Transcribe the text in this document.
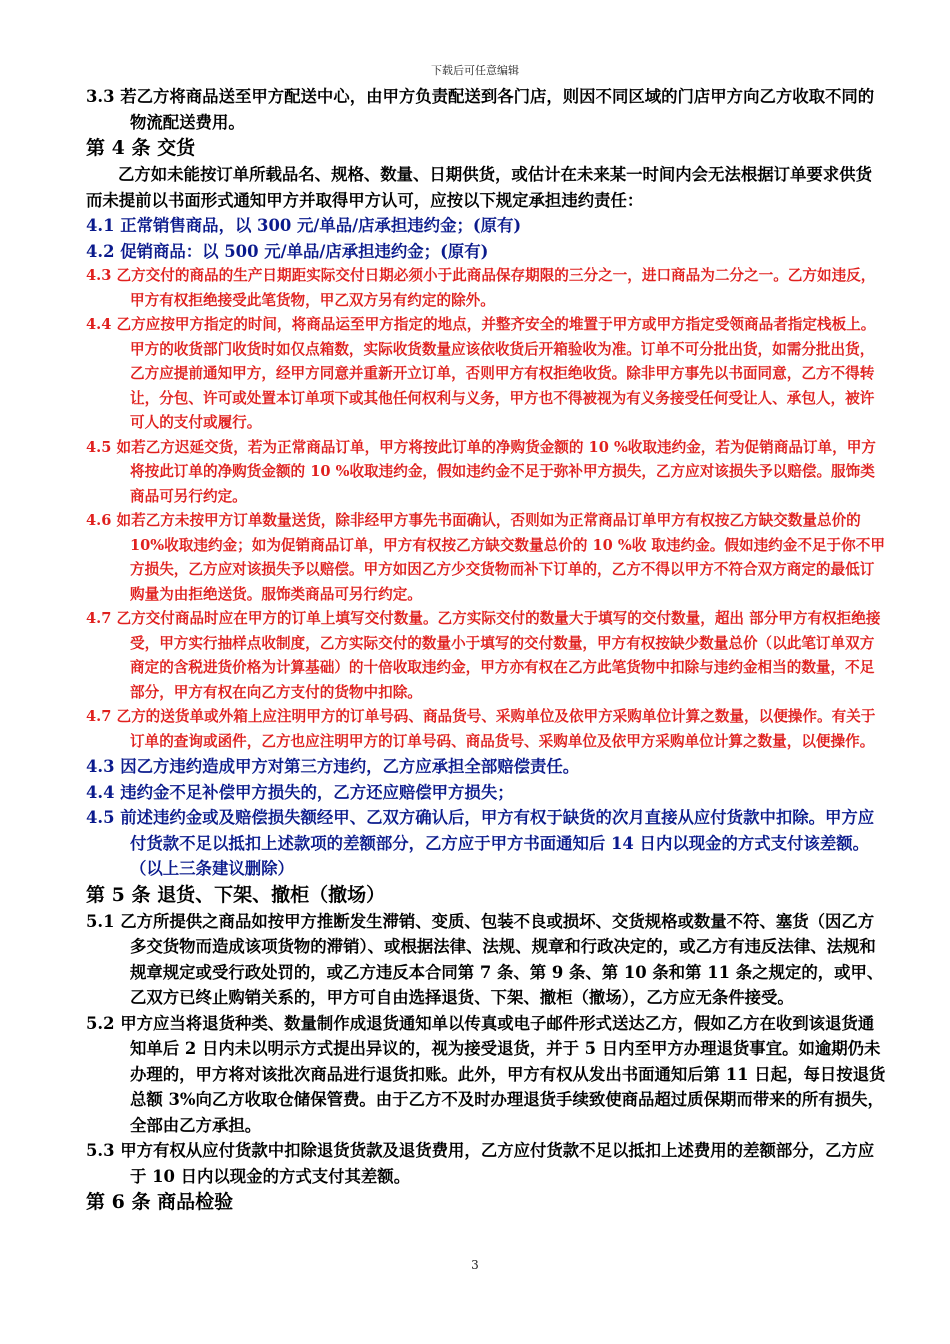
下载后可任意编辑

3.3 若乙方将商品送至甲方配送中心，由甲方负责配送到各门店，则因不同区域的门店甲方向乙方收取不同的物流配送费用。

第 4 条 交货

乙方如未能按订单所载品名、规格、数量、日期供货，或估计在未来某一时间内会无法根据订单要求供货而未提前以书面形式通知甲方并取得甲方认可，应按以下规定承担违约责任：

4.1 正常销售商品，以 300 元/单品/店承担违约金；(原有)

4.2 促销商品：以 500 元/单品/店承担违约金；(原有)

4.3 乙方交付的商品的生产日期距实际交付日期必须小于此商品保存期限的三分之一，进口商品为二分之一。乙方如违反，甲方有权拒绝接受此笔货物，甲乙双方另有约定的除外。

4.4 乙方应按甲方指定的时间，将商品运至甲方指定的地点，并整齐安全的堆置于甲方或甲方指定受领商品者指定栈板上。甲方的收货部门收货时如仅点箱数，实际收货数量应该依收货后开箱验收为准。订单不可分批出货，如需分批出货，乙方应提前通知甲方，经甲方同意并重新开立订单，否则甲方有权拒绝收货。除非甲方事先以书面同意，乙方不得转让，分包、许可或处置本订单项下或其他任何权利与义务，甲方也不得被视为有义务接受任何受让人、承包人，被许可人的支付或履行。

4.5 如若乙方迟延交货，若为正常商品订单，甲方将按此订单的净购货金额的 10 %收取违约金，若为促销商品订单，甲方将按此订单的净购货金额的 10 %收取违约金，假如违约金不足于弥补甲方损失，乙方应对该损失予以赔偿。服饰类商品可另行约定。

4.6 如若乙方未按甲方订单数量送货，除非经甲方事先书面确认，否则如为正常商品订单甲方有权按乙方缺交数量总价的 10%收取违约金；如为促销商品订单，甲方有权按乙方缺交数量总价的 10 %收 取违约金。假如违约金不足于你不甲方损失，乙方应对该损失予以赔偿。甲方如因乙方少交货物而补下订单的，乙方不得以甲方不符合双方商定的最低订购量为由拒绝送货。服饰类商品可另行约定。

4.7 乙方交付商品时应在甲方的订单上填写交付数量。乙方实际交付的数量大于填写的交付数量，超出 部分甲方有权拒绝接受，甲方实行抽样点收制度，乙方实际交付的数量小于填写的交付数量，甲方有权按缺少数量总价（以此笔订单双方商定的含税进货价格为计算基础）的十倍收取违约金，甲方亦有权在乙方此笔货物中扣除与违约金相当的数量，不足部分，甲方有权在向乙方支付的货物中扣除。

4.7 乙方的送货单或外箱上应注明甲方的订单号码、商品货号、采购单位及依甲方采购单位计算之数量，以便操作。有关于订单的查询或函件，乙方也应注明甲方的订单号码、商品货号、采购单位及依甲方采购单位计算之数量，以便操作。

4.3 因乙方违约造成甲方对第三方违约，乙方应承担全部赔偿责任。

4.4 违约金不足补偿甲方损失的，乙方还应赔偿甲方损失；

4.5 前述违约金或及赔偿损失额经甲、乙双方确认后，甲方有权于缺货的次月直接从应付货款中扣除。甲方应付货款不足以抵扣上述款项的差额部分，乙方应于甲方书面通知后 14 日内以现金的方式支付该差额。（以上三条建议删除）

第 5 条 退货、下架、撤柜（撤场）

5.1 乙方所提供之商品如按甲方推断发生滞销、变质、包装不良或损坏、交货规格或数量不符、塞货（因乙方多交货物而造成该项货物的滞销）、或根据法律、法规、规章和行政决定的，或乙方有违反法律、法规和规章规定或受行政处罚的，或乙方违反本合同第 7 条、第 9 条、第 10 条和第 11 条之规定的，或甲、乙双方已终止购销关系的，甲方可自由选择退货、下架、撤柜（撤场），乙方应无条件接受。

5.2 甲方应当将退货种类、数量制作成退货通知单以传真或电子邮件形式送达乙方，假如乙方在收到该退货通知单后 2 日内未以明示方式提出异议的，视为接受退货，并于 5 日内至甲方办理退货事宜。如逾期仍未办理的，甲方将对该批次商品进行退货扣账。此外，甲方有权从发出书面通知后第 11 日起，每日按退货总额 3%向乙方收取仓储保管费。由于乙方不及时办理退货手续致使商品超过质保期而带来的所有损失，全部由乙方承担。

5.3 甲方有权从应付货款中扣除退货货款及退货费用，乙方应付货款不足以抵扣上述费用的差额部分，乙方应于 10 日内以现金的方式支付其差额。

第 6 条 商品检验

3
